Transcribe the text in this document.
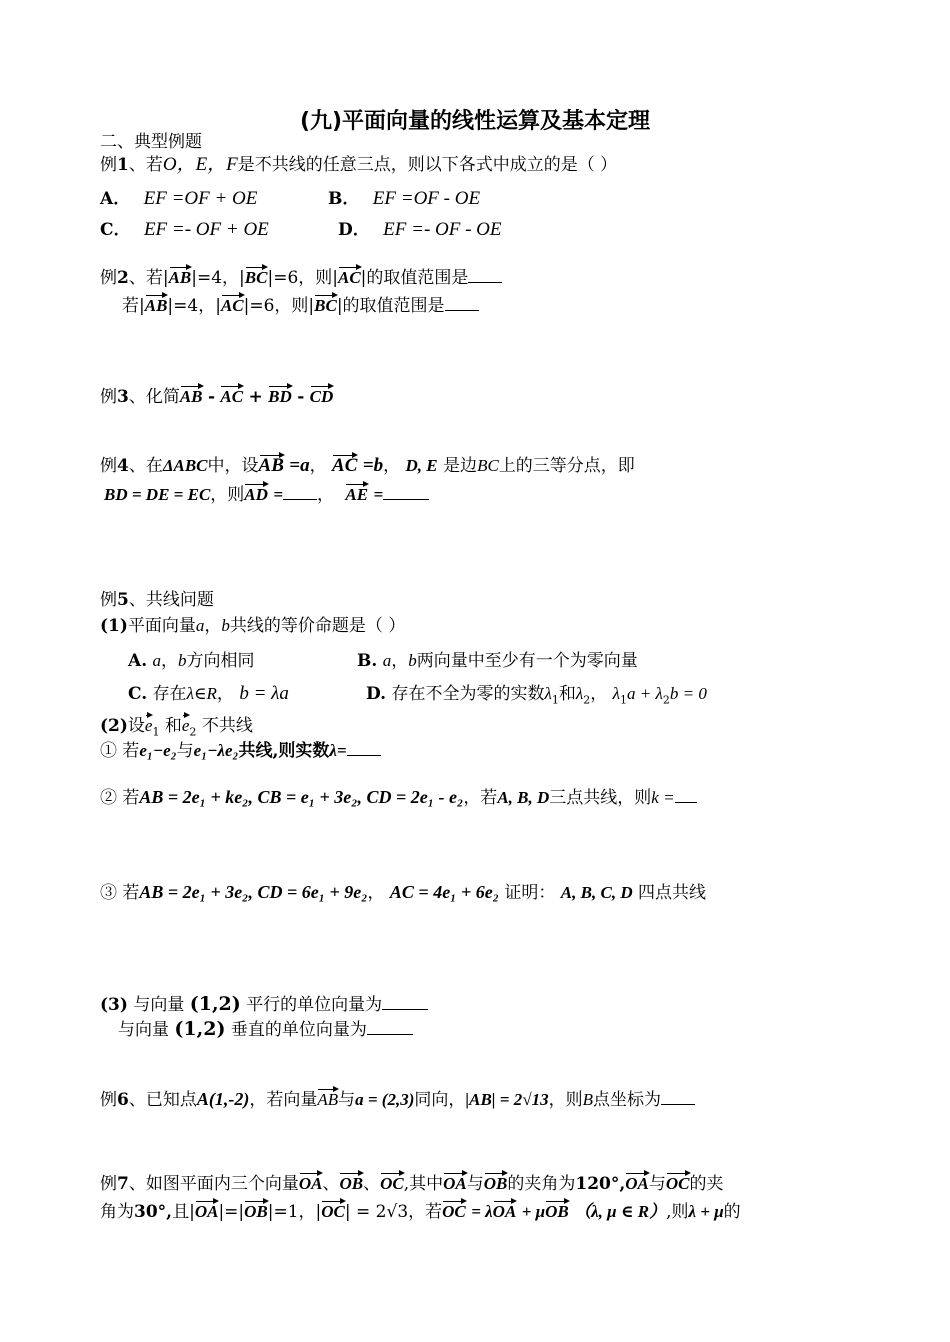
(九)平面向量的线性运算及基本定理
二、典型例题
例1、若O，E，F是不共线的任意三点，则以下各式中成立的是（ ）
A． EF =OF + OE	B． EF =OF - OE
C． EF =- OF + OE	D． EF =- OF - OE
例2、若|AB|=4，|BC|=6，则|AC|的取值范围是
若|AB|=4，|AC|=6，则|BC|的取值范围是
例3、化简AB - AC + BD - CD
例4、在ΔABC中，设AB =a， AC =b， D, E 是边BC上的三等分点，即
BD = DE = EC，则AD = ， AE =
例5、共线问题
(1)平面向量a，b共线的等价命题是（ ）
A. a，b方向相同	B. a，b两向量中至少有一个为零向量
C. 存在λ∈R， b = λa	D. 存在不全为零的实数$\lambda_1$和$\lambda_2$， $\lambda_1a + \lambda_2b = 0$
(2)设$e_1$ 和$e_2$ 不共线
① 若e₁−e₂与e₁−λe₂共线,则实数λ=
② 若AB = 2e₁ + ke₂, CB = e₁ + 3e₂, CD = 2e₁ - e₂，若A, B, D三点共线，则k =
③ 若AB = 2e₁ + 3e₂, CD = 6e₁ + 9e₂， AC = 4e₁ + 6e₂ 证明： A, B, C, D 四点共线
(3) 与向量 (1,2) 平行的单位向量为
与向量 (1,2) 垂直的单位向量为
例6、已知点A(1,-2)，若向量AB与a = (2,3)同向，|AB| = 2√13，则B点坐标为
例7、如图平面内三个向量OA、OB、OC,其中OA与OB的夹角为120°,OA与OC的夹
角为30°,且|OA|=|OB|=1，|OC| = 2√3，若OC = λOA + μOB （λ, μ ∈ R）,则λ + μ的
